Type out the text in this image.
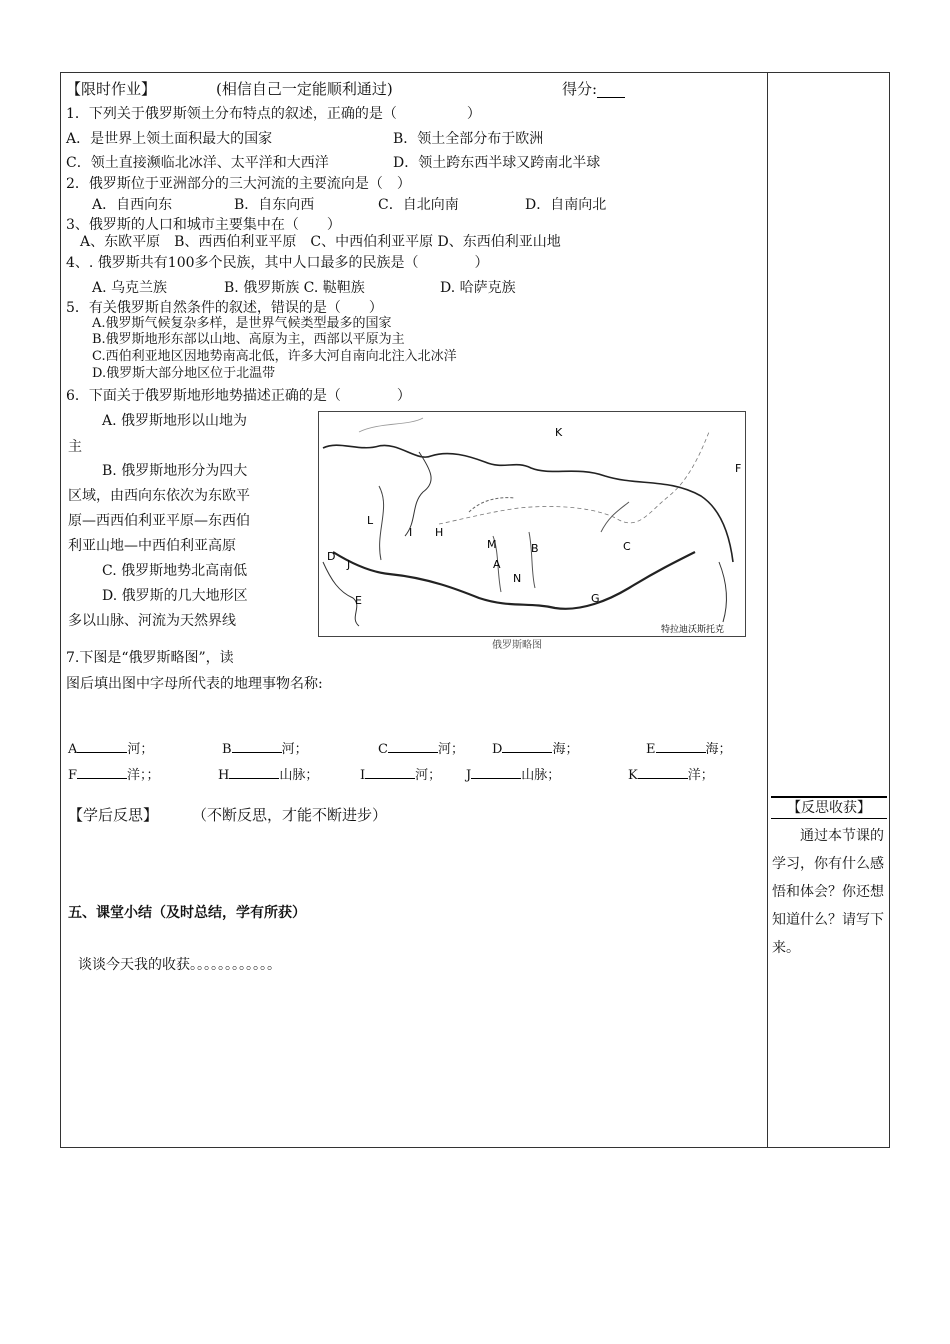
【限时作业】	(相信自己一定能顺利通过)	得分:
1．下列关于俄罗斯领土分布特点的叙述，正确的是（　　　　　）
A．是世界上领土面积最大的国家	B．领土全部分布于欧洲
C．领土直接濒临北冰洋、太平洋和大西洋	D．领土跨东西半球又跨南北半球
2．俄罗斯位于亚洲部分的三大河流的主要流向是（　）
A．自西向东	B．自东向西	C．自北向南	D．自南向北
3、俄罗斯的人口和城市主要集中在（　　）
A、东欧平原　B、西西伯利亚平原　C、中西伯利亚平原 D、东西伯利亚山地
4、. 俄罗斯共有100多个民族，其中人口最多的民族是（　　　　）
A. 乌克兰族	B. 俄罗斯族 C. 鞑靼族	D. 哈萨克族
5．有关俄罗斯自然条件的叙述，错误的是（　　）
A.俄罗斯气候复杂多样，是世界气候类型最多的国家
B.俄罗斯地形东部以山地、高原为主，西部以平原为主
C.西伯利亚地区因地势南高北低，许多大河自南向北注入北冰洋
D.俄罗斯大部分地区位于北温带
6．下面关于俄罗斯地形地势描述正确的是（　　　　）
A. 俄罗斯地形以山地为
主
B. 俄罗斯地形分为四大
区域，由西向东依次为东欧平
原—西西伯利亚平原—东西伯
利亚山地—中西伯利亚高原
C. 俄罗斯地势北高南低
D. 俄罗斯的几大地形区
多以山脉、河流为天然界线
K
F
I H
M
A
B
N
C
G
D
J
E
L
特拉迪沃斯托克
俄罗斯略图
7.下图是“俄罗斯略图”，读
图后填出图中字母所代表的地理事物名称:
A	河；	B	河；	C	河； D	海；	E	海；
F	洋；；	H	山脉；	I	河； J	山脉；	K	洋；
【学后反思】 （不断反思，才能不断进步）
五、课堂小结（及时总结，学有所获）
谈谈今天我的收获。。。。。。。。。。。。
【反思收获】
通过本节课的学习，你有什么感悟和体会？你还想知道什么？请写下来。
